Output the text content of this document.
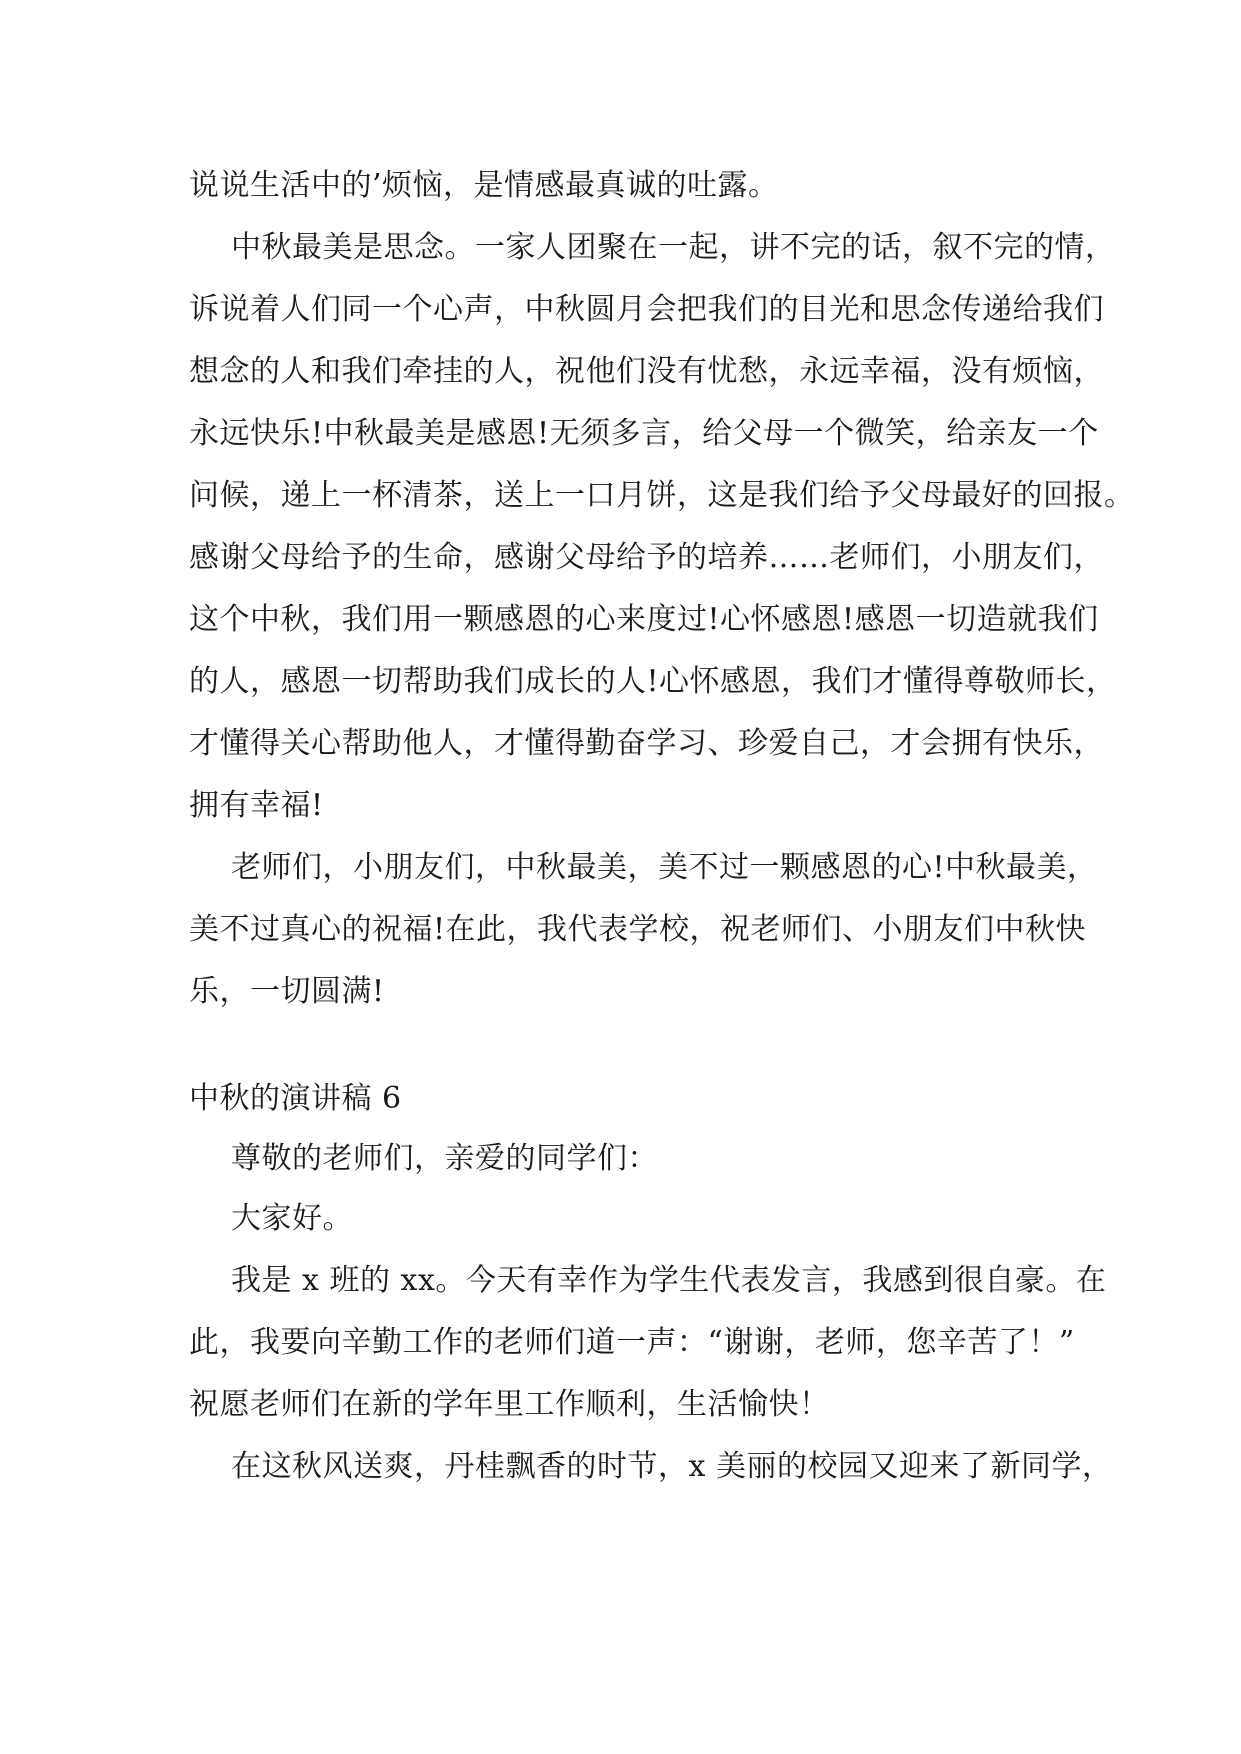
说说生活中的’烦恼，是情感最真诚的吐露。
中秋最美是思念。一家人团聚在一起，讲不完的话，叙不完的情，
诉说着人们同一个心声，中秋圆月会把我们的目光和思念传递给我们
想念的人和我们牵挂的人，祝他们没有忧愁，永远幸福，没有烦恼，
永远快乐!中秋最美是感恩!无须多言，给父母一个微笑，给亲友一个
问候，递上一杯清茶，送上一口月饼，这是我们给予父母最好的回报。
感谢父母给予的生命，感谢父母给予的培养……老师们，小朋友们，
这个中秋，我们用一颗感恩的心来度过!心怀感恩!感恩一切造就我们
的人，感恩一切帮助我们成长的人!心怀感恩，我们才懂得尊敬师长，
才懂得关心帮助他人，才懂得勤奋学习、珍爱自己，才会拥有快乐，
拥有幸福!
老师们，小朋友们，中秋最美，美不过一颗感恩的心!中秋最美，
美不过真心的祝福!在此，我代表学校，祝老师们、小朋友们中秋快
乐，一切圆满!
中秋的演讲稿 6
尊敬的老师们，亲爱的同学们：
大家好。
我是 x 班的 xx。今天有幸作为学生代表发言，我感到很自豪。在
此，我要向辛勤工作的老师们道一声：“谢谢，老师，您辛苦了！”
祝愿老师们在新的学年里工作顺利，生活愉快！
在这秋风送爽，丹桂飘香的时节，x 美丽的校园又迎来了新同学，
